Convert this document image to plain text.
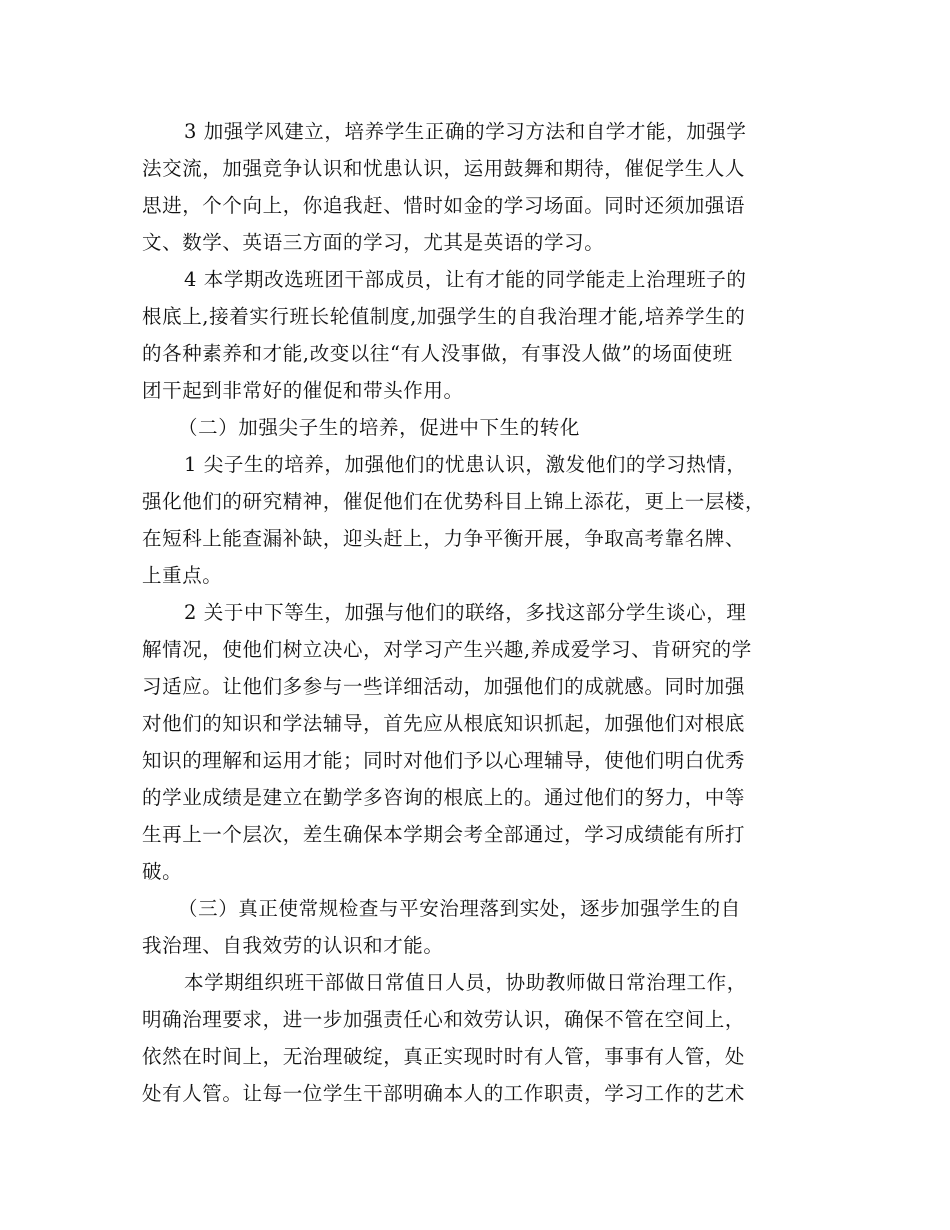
3 加强学风建立，培养学生正确的学习方法和自学才能，加强学
法交流，加强竞争认识和忧患认识，运用鼓舞和期待，催促学生人人
思进，个个向上，你追我赶、惜时如金的学习场面。同时还须加强语
文、数学、英语三方面的学习，尤其是英语的学习。
4 本学期改选班团干部成员，让有才能的同学能走上治理班子的
根底上,接着实行班长轮值制度,加强学生的自我治理才能,培养学生的
的各种素养和才能,改变以往“有人没事做，有事没人做”的场面使班
团干起到非常好的催促和带头作用。
（二）加强尖子生的培养，促进中下生的转化
1 尖子生的培养，加强他们的忧患认识，激发他们的学习热情，
强化他们的研究精神，催促他们在优势科目上锦上添花，更上一层楼，
在短科上能查漏补缺，迎头赶上，力争平衡开展，争取高考靠名牌、
上重点。
2 关于中下等生，加强与他们的联络，多找这部分学生谈心，理
解情况，使他们树立决心，对学习产生兴趣,养成爱学习、肯研究的学
习适应。让他们多参与一些详细活动，加强他们的成就感。同时加强
对他们的知识和学法辅导，首先应从根底知识抓起，加强他们对根底
知识的理解和运用才能；同时对他们予以心理辅导，使他们明白优秀
的学业成绩是建立在勤学多咨询的根底上的。通过他们的努力，中等
生再上一个层次，差生确保本学期会考全部通过，学习成绩能有所打
破。
（三）真正使常规检查与平安治理落到实处，逐步加强学生的自
我治理、自我效劳的认识和才能。
本学期组织班干部做日常值日人员，协助教师做日常治理工作，
明确治理要求，进一步加强责任心和效劳认识，确保不管在空间上，
依然在时间上，无治理破绽，真正实现时时有人管，事事有人管，处
处有人管。让每一位学生干部明确本人的工作职责，学习工作的艺术
